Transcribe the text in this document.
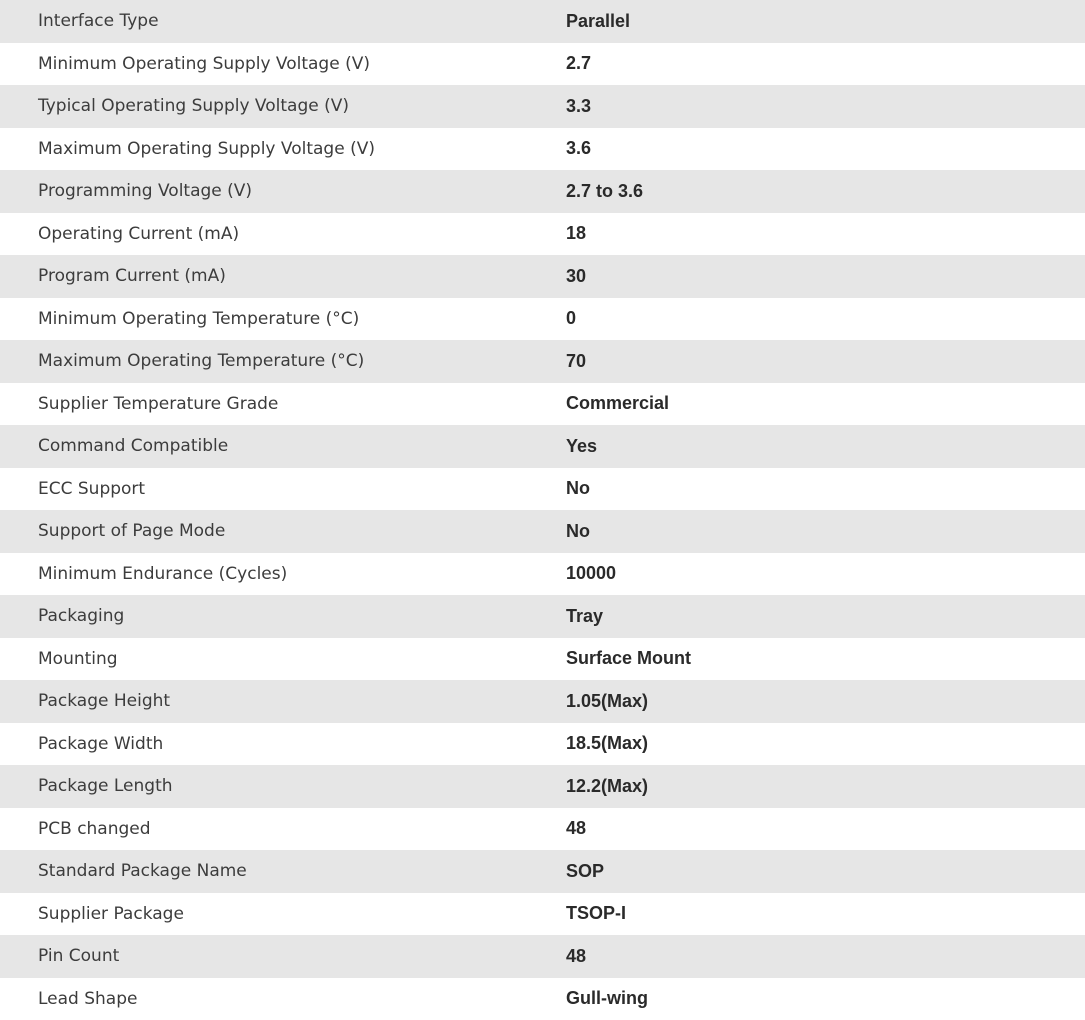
Interface Type	Parallel
Minimum Operating Supply Voltage (V)	2.7
Typical Operating Supply Voltage (V)	3.3
Maximum Operating Supply Voltage (V)	3.6
Programming Voltage (V)	2.7 to 3.6
Operating Current (mA)	18
Program Current (mA)	30
Minimum Operating Temperature (°C)	0
Maximum Operating Temperature (°C)	70
Supplier Temperature Grade	Commercial
Command Compatible	Yes
ECC Support	No
Support of Page Mode	No
Minimum Endurance (Cycles)	10000
Packaging	Tray
Mounting	Surface Mount
Package Height	1.05(Max)
Package Width	18.5(Max)
Package Length	12.2(Max)
PCB changed	48
Standard Package Name	SOP
Supplier Package	TSOP-I
Pin Count	48
Lead Shape	Gull-wing
